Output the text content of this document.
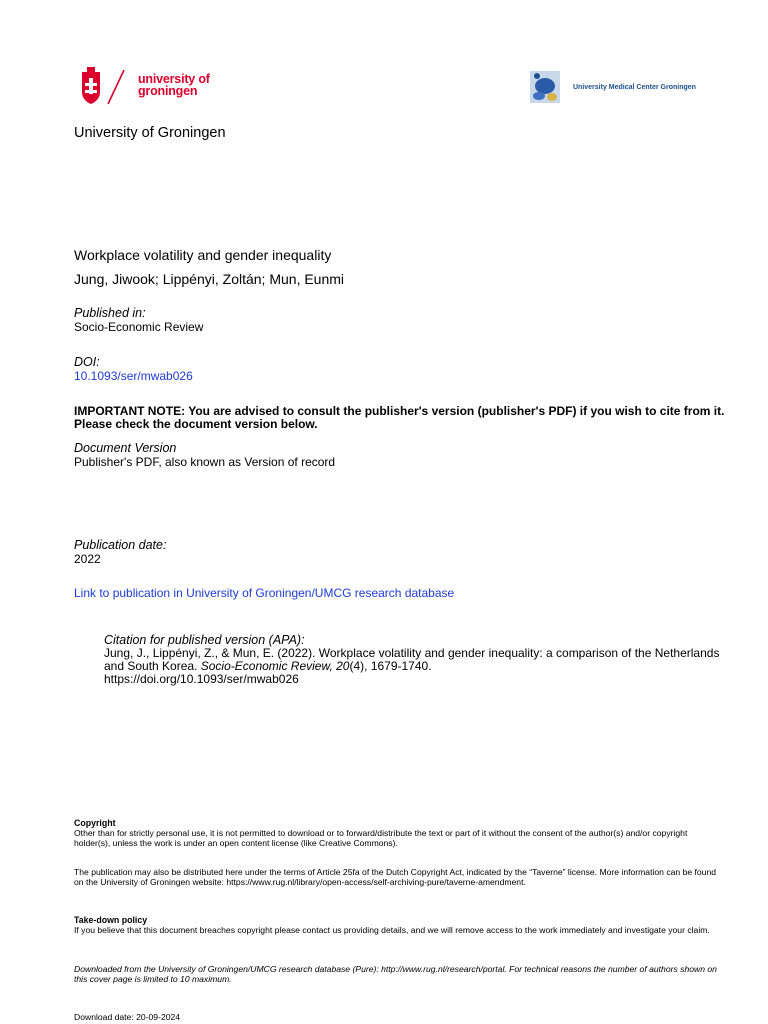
university of
groningen	University Medical Center Groningen
University of Groningen
Workplace volatility and gender inequality
Jung, Jiwook; Lippényi, Zoltán; Mun, Eunmi
Published in:
Socio-Economic Review
DOI:
10.1093/ser/mwab026
IMPORTANT NOTE: You are advised to consult the publisher's version (publisher's PDF) if you wish to cite from it. Please check the document version below.
Document Version
Publisher's PDF, also known as Version of record
Publication date:
2022
Link to publication in University of Groningen/UMCG research database
Citation for published version (APA):
Jung, J., Lippényi, Z., & Mun, E. (2022). Workplace volatility and gender inequality: a comparison of the Netherlands and South Korea. Socio-Economic Review, 20(4), 1679-1740.
https://doi.org/10.1093/ser/mwab026
Copyright
Other than for strictly personal use, it is not permitted to download or to forward/distribute the text or part of it without the consent of the author(s) and/or copyright holder(s), unless the work is under an open content license (like Creative Commons).
The publication may also be distributed here under the terms of Article 25fa of the Dutch Copyright Act, indicated by the “Taverne” license. More information can be found on the University of Groningen website: https://www.rug.nl/library/open-access/self-archiving-pure/taverne-amendment.
Take-down policy
If you believe that this document breaches copyright please contact us providing details, and we will remove access to the work immediately and investigate your claim.
Downloaded from the University of Groningen/UMCG research database (Pure): http://www.rug.nl/research/portal. For technical reasons the number of authors shown on this cover page is limited to 10 maximum.
Download date: 20-09-2024
